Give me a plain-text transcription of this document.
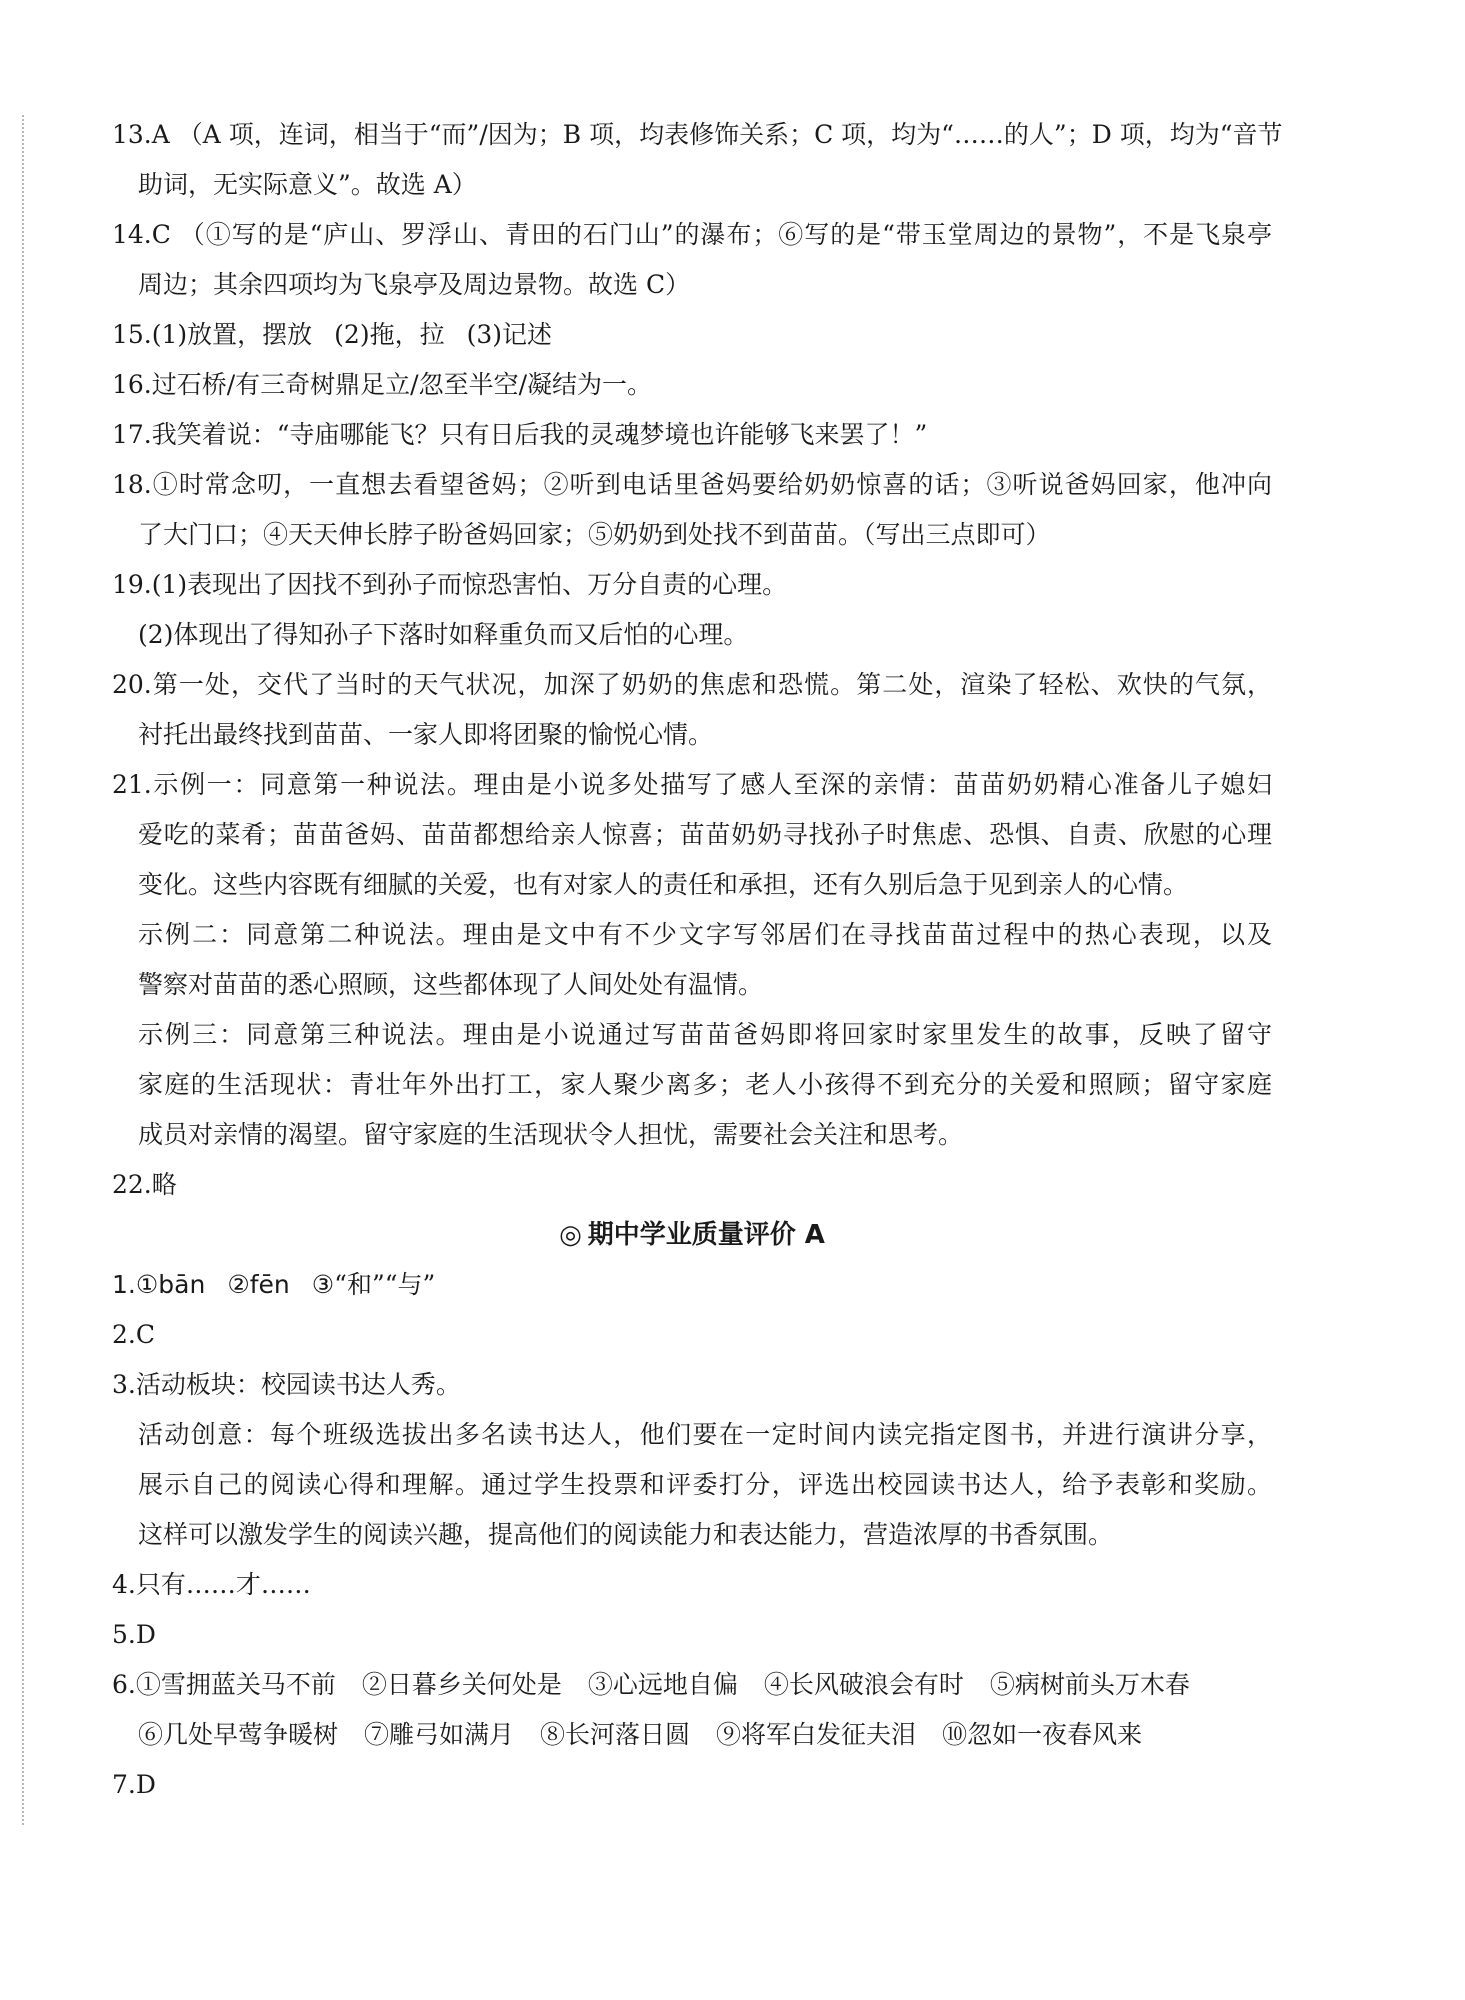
13.A （A 项，连词，相当于“而”/因为；B 项，均表修饰关系；C 项，均为“……的人”；D 项，均为“音节

助词，无实际意义”。故选 A）

14.C （①写的是“庐山、罗浮山、青田的石门山”的瀑布；⑥写的是“带玉堂周边的景物”，不是飞泉亭

周边；其余四项均为飞泉亭及周边景物。故选 C）

15.(1)放置，摆放 (2)拖，拉 (3)记述

16.过石桥/有三奇树鼎足立/忽至半空/凝结为一。

17.我笑着说：“寺庙哪能飞？只有日后我的灵魂梦境也许能够飞来罢了！”

18.①时常念叨，一直想去看望爸妈；②听到电话里爸妈要给奶奶惊喜的话；③听说爸妈回家，他冲向

了大门口；④天天伸长脖子盼爸妈回家；⑤奶奶到处找不到苗苗。（写出三点即可）

19.(1)表现出了因找不到孙子而惊恐害怕、万分自责的心理。

(2)体现出了得知孙子下落时如释重负而又后怕的心理。

20.第一处，交代了当时的天气状况，加深了奶奶的焦虑和恐慌。第二处，渲染了轻松、欢快的气氛，

衬托出最终找到苗苗、一家人即将团聚的愉悦心情。

21.示例一：同意第一种说法。理由是小说多处描写了感人至深的亲情：苗苗奶奶精心准备儿子媳妇

爱吃的菜肴；苗苗爸妈、苗苗都想给亲人惊喜；苗苗奶奶寻找孙子时焦虑、恐惧、自责、欣慰的心理

变化。这些内容既有细腻的关爱，也有对家人的责任和承担，还有久别后急于见到亲人的心情。

示例二：同意第二种说法。理由是文中有不少文字写邻居们在寻找苗苗过程中的热心表现，以及

警察对苗苗的悉心照顾，这些都体现了人间处处有温情。

示例三：同意第三种说法。理由是小说通过写苗苗爸妈即将回家时家里发生的故事，反映了留守

家庭的生活现状：青壮年外出打工，家人聚少离多；老人小孩得不到充分的关爱和照顾；留守家庭

成员对亲情的渴望。留守家庭的生活现状令人担忧，需要社会关注和思考。

22.略

◎ 期中学业质量评价 A

1.①bān ②fēn ③“和”“与”

2.C

3.活动板块：校园读书达人秀。

活动创意：每个班级选拔出多名读书达人，他们要在一定时间内读完指定图书，并进行演讲分享，

展示自己的阅读心得和理解。通过学生投票和评委打分，评选出校园读书达人，给予表彰和奖励。

这样可以激发学生的阅读兴趣，提高他们的阅读能力和表达能力，营造浓厚的书香氛围。

4.只有……才……

5.D

6.①雪拥蓝关马不前 ②日暮乡关何处是 ③心远地自偏 ④长风破浪会有时 ⑤病树前头万木春

⑥几处早莺争暖树 ⑦雕弓如满月 ⑧长河落日圆 ⑨将军白发征夫泪 ⑩忽如一夜春风来

7.D
